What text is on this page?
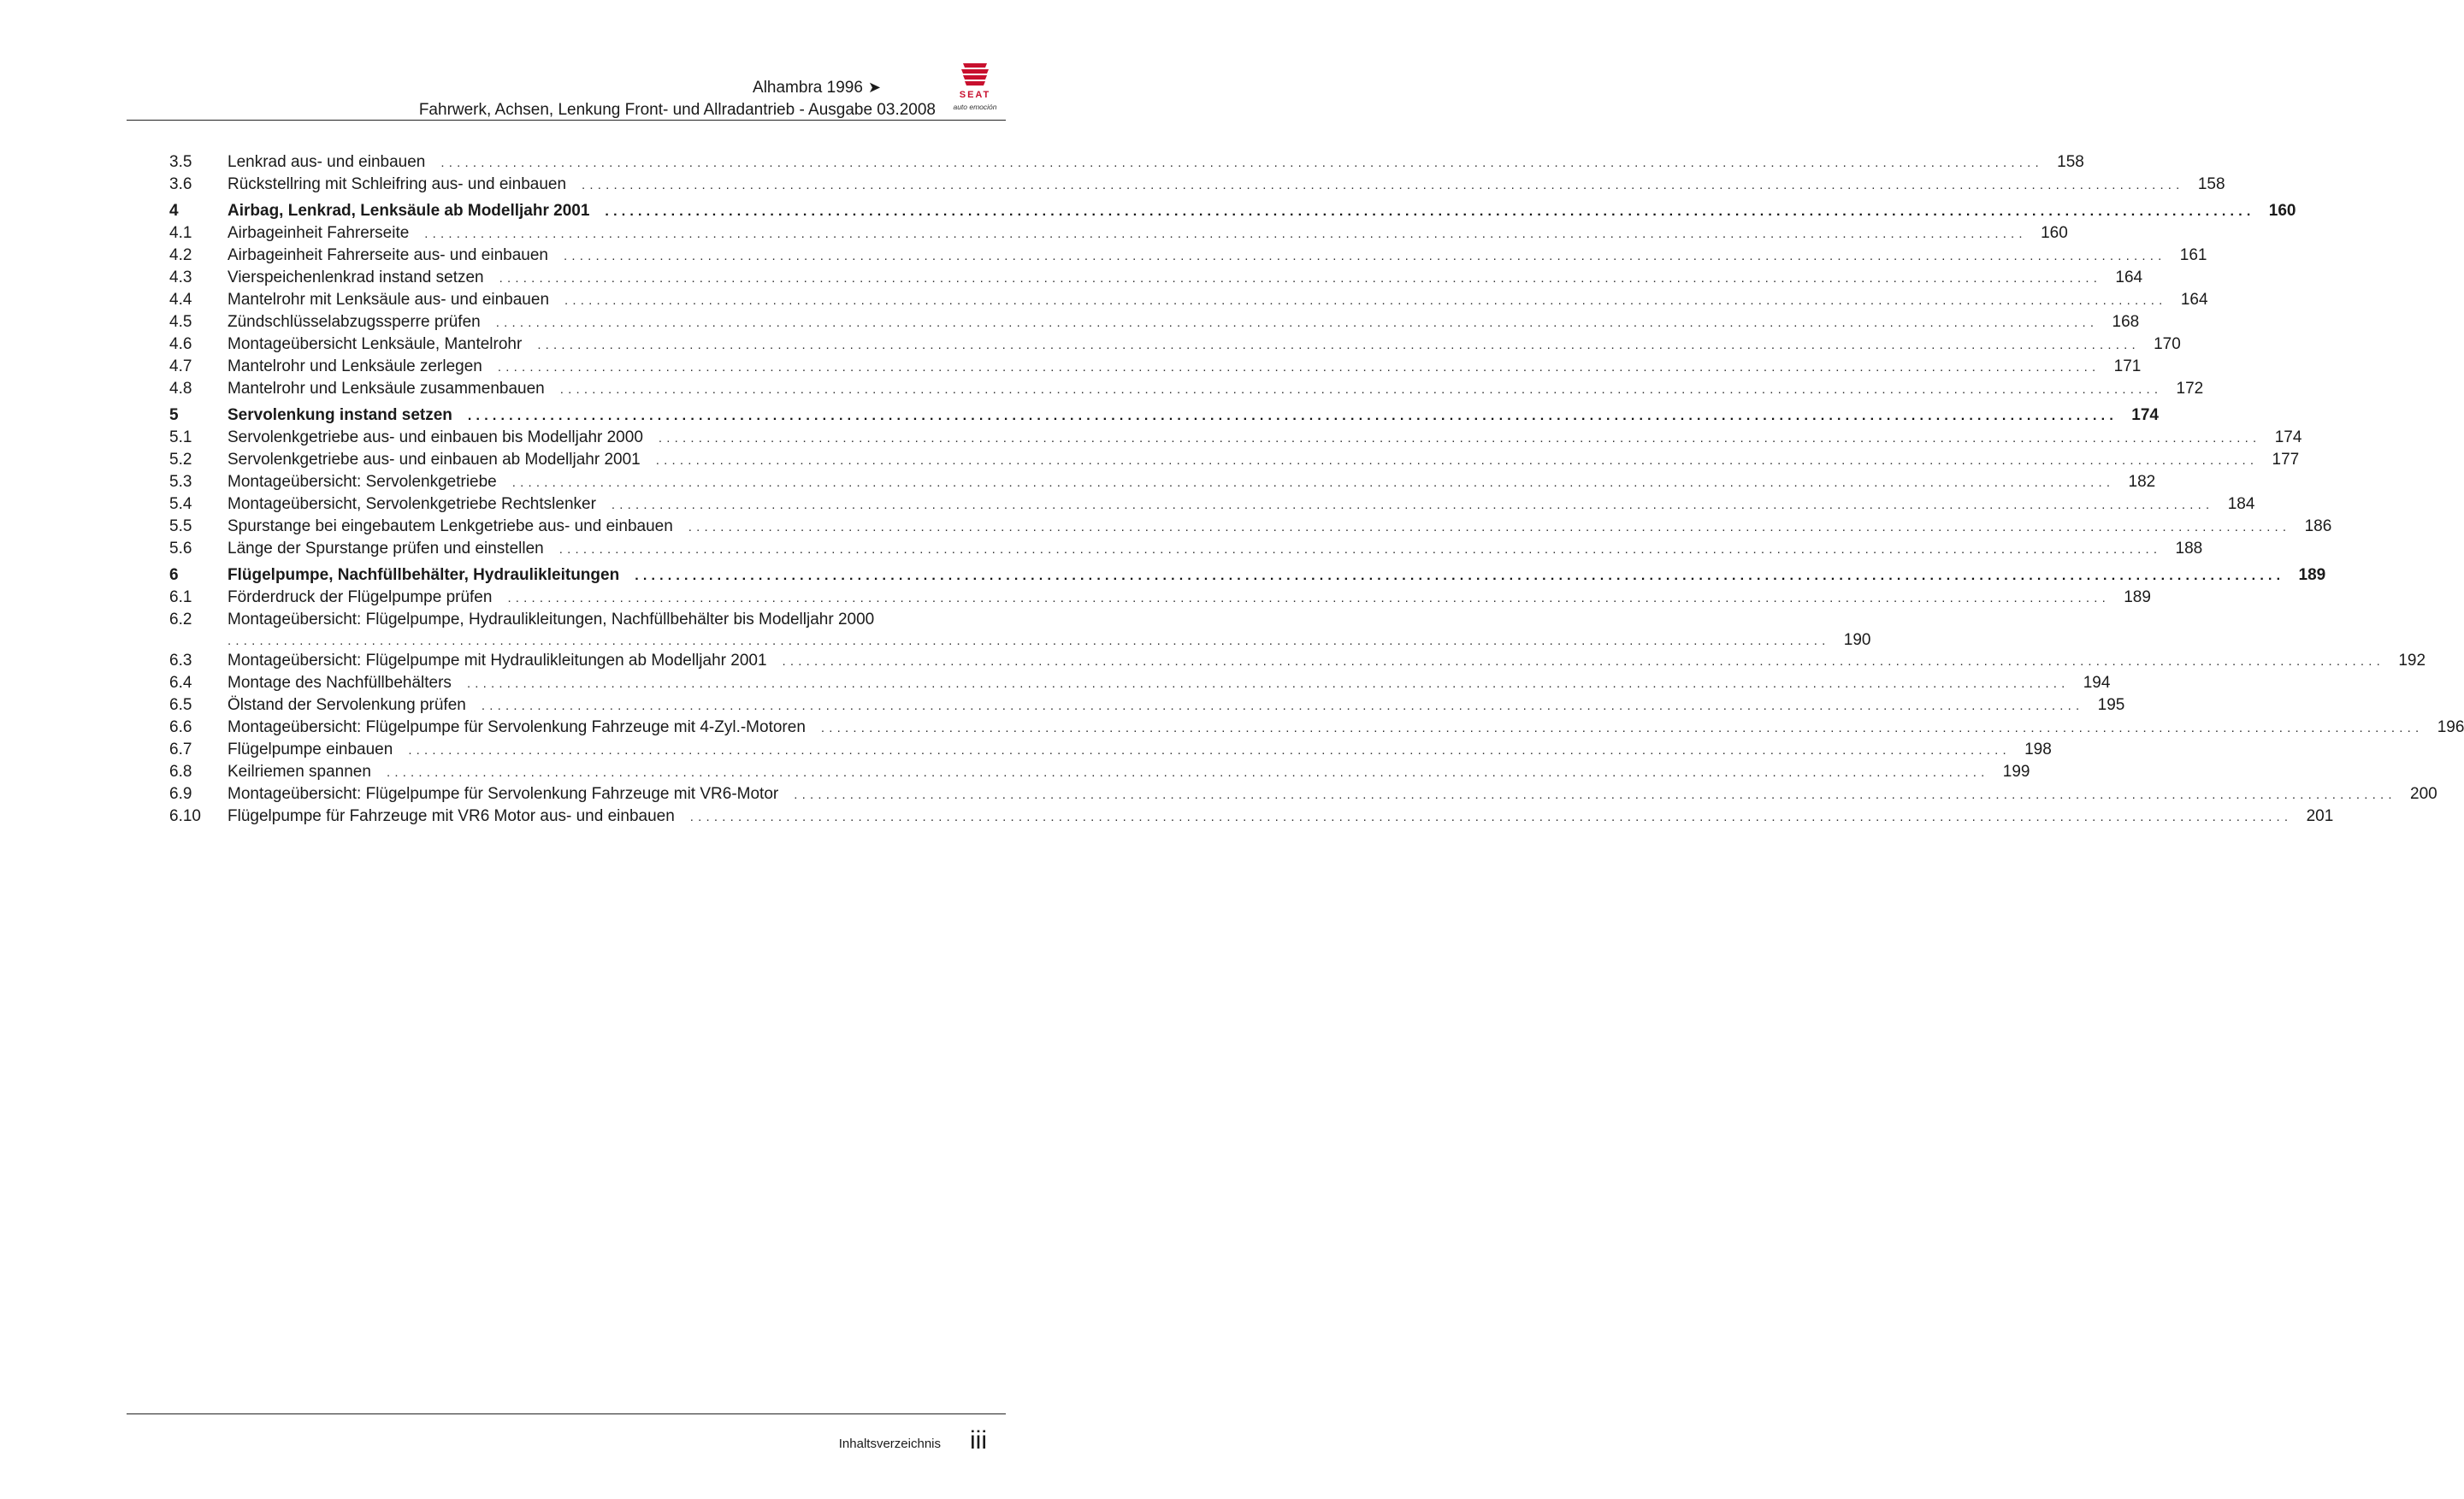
Alhambra 1996 ➤
Fahrwerk, Achsen, Lenkung Front- und Allradantrieb - Ausgabe 03.2008
SEAT
auto emoción
3.5	Lenkrad aus- und einbauen ........................................................................................................................................................................................................ 158
3.6	Rückstellring mit Schleifring aus- und einbauen ........................................................................................................................................................................................................ 158
4	Airbag, Lenkrad, Lenksäule ab Modelljahr 2001 ........................................................................................................................................................................................................ 160
4.1	Airbageinheit Fahrerseite ........................................................................................................................................................................................................ 160
4.2	Airbageinheit Fahrerseite aus- und einbauen ........................................................................................................................................................................................................ 161
4.3	Vierspeichenlenkrad instand setzen ........................................................................................................................................................................................................ 164
4.4	Mantelrohr mit Lenksäule aus- und einbauen ........................................................................................................................................................................................................ 164
4.5	Zündschlüsselabzugssperre prüfen ........................................................................................................................................................................................................ 168
4.6	Montageübersicht Lenksäule, Mantelrohr ........................................................................................................................................................................................................ 170
4.7	Mantelrohr und Lenksäule zerlegen ........................................................................................................................................................................................................ 171
4.8	Mantelrohr und Lenksäule zusammenbauen ........................................................................................................................................................................................................ 172
5	Servolenkung instand setzen ........................................................................................................................................................................................................ 174
5.1	Servolenkgetriebe aus- und einbauen bis Modelljahr 2000 ........................................................................................................................................................................................................ 174
5.2	Servolenkgetriebe aus- und einbauen ab Modelljahr 2001 ........................................................................................................................................................................................................ 177
5.3	Montageübersicht: Servolenkgetriebe ........................................................................................................................................................................................................ 182
5.4	Montageübersicht, Servolenkgetriebe Rechtslenker ........................................................................................................................................................................................................ 184
5.5	Spurstange bei eingebautem Lenkgetriebe aus- und einbauen ........................................................................................................................................................................................................ 186
5.6	Länge der Spurstange prüfen und einstellen ........................................................................................................................................................................................................ 188
6	Flügelpumpe, Nachfüllbehälter, Hydraulikleitungen ........................................................................................................................................................................................................ 189
6.1	Förderdruck der Flügelpumpe prüfen ........................................................................................................................................................................................................ 189
6.2	Montageübersicht: Flügelpumpe, Hydraulikleitungen, Nachfüllbehälter bis Modelljahr 2000
........................................................................................................................................................................................................ 190
6.3	Montageübersicht: Flügelpumpe mit Hydraulikleitungen ab Modelljahr 2001 ........................................................................................................................................................................................................ 192
6.4	Montage des Nachfüllbehälters ........................................................................................................................................................................................................ 194
6.5	Ölstand der Servolenkung prüfen ........................................................................................................................................................................................................ 195
6.6	Montageübersicht: Flügelpumpe für Servolenkung Fahrzeuge mit 4-Zyl.-Motoren ........................................................................................................................................................................................................ 196
6.7	Flügelpumpe einbauen ........................................................................................................................................................................................................ 198
6.8	Keilriemen spannen ........................................................................................................................................................................................................ 199
6.9	Montageübersicht: Flügelpumpe für Servolenkung Fahrzeuge mit VR6-Motor ........................................................................................................................................................................................................ 200
6.10	Flügelpumpe für Fahrzeuge mit VR6 Motor aus- und einbauen ........................................................................................................................................................................................................ 201
Inhaltsverzeichnis iii
